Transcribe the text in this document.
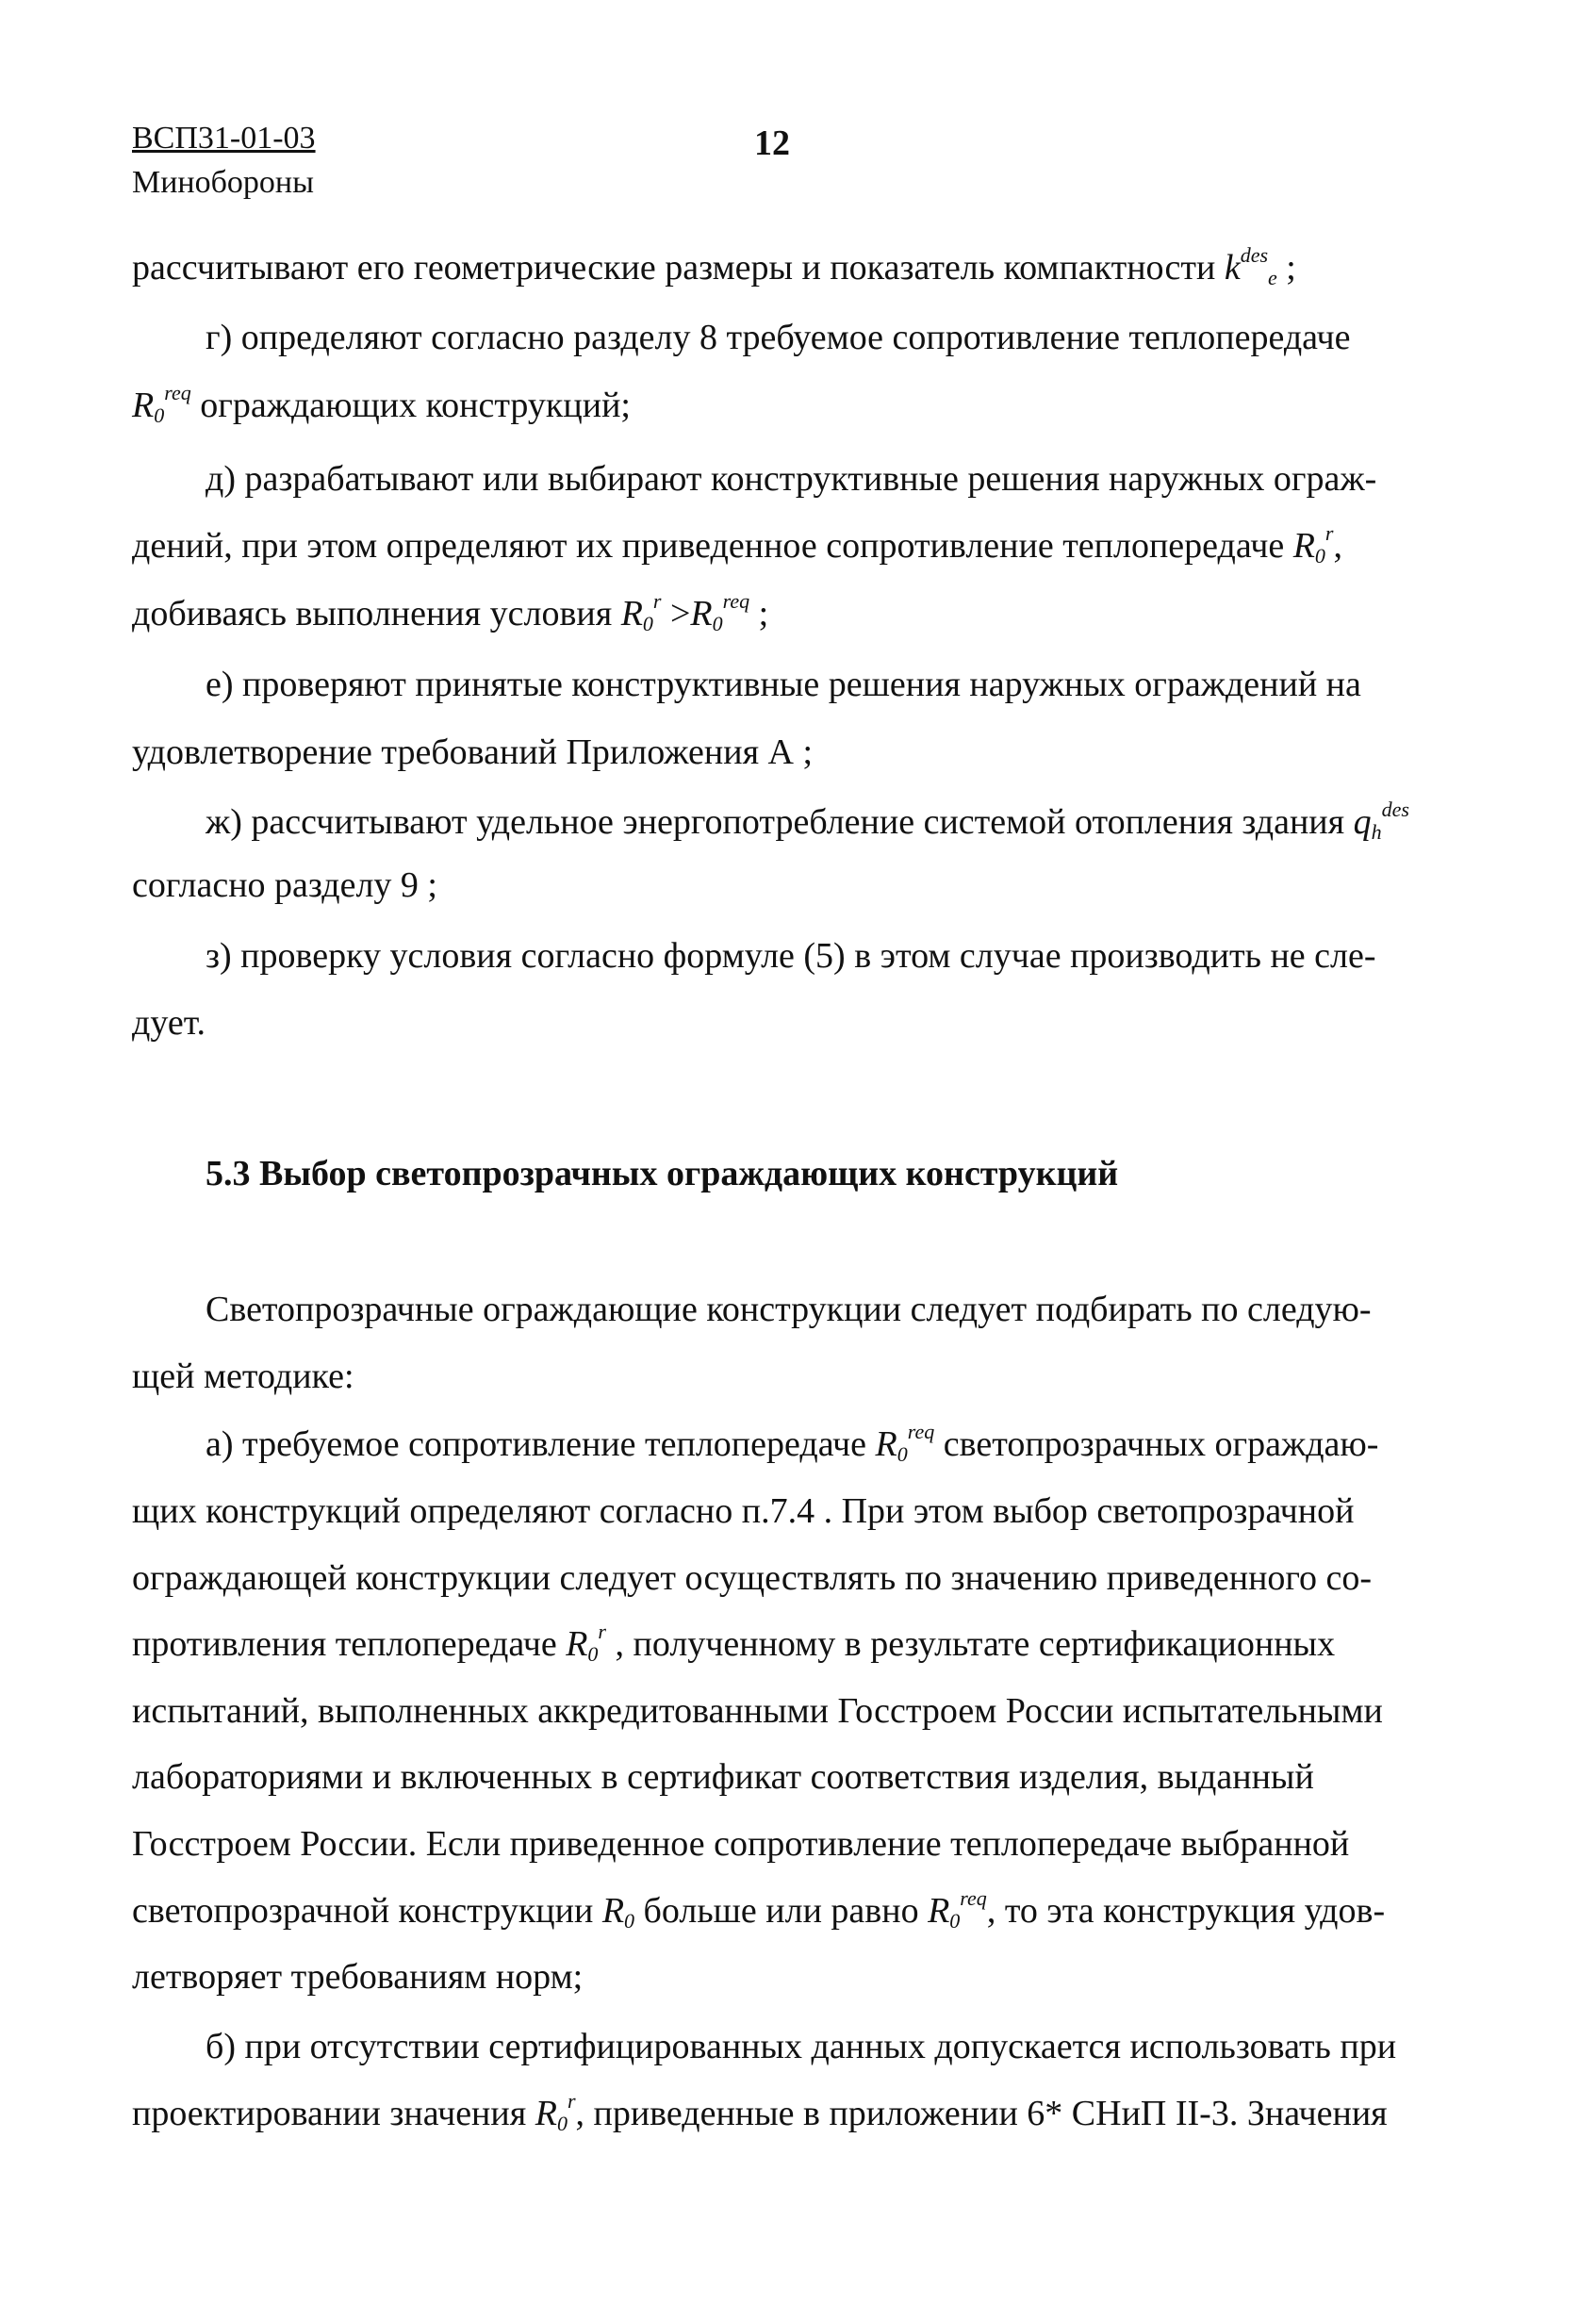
ВСП31-01-03
Минобороны
12
рассчитывают его геометрические размеры и показатель компактности $k^{des}_e$ ;
г) определяют согласно разделу 8 требуемое сопротивление теплопередаче
$R_0^{req}$ ограждающих конструкций;
д) разрабатывают или выбирают конструктивные решения наружных ограж-
дений, при этом определяют их приведенное сопротивление теплопередаче $R_0^r$,
добиваясь выполнения условия $R_0^r >R_0^{req}$ ;
е) проверяют принятые конструктивные решения наружных ограждений на
удовлетворение требований Приложения А ;
ж) рассчитывают удельное энергопотребление системой отопления здания $q_h^{des}$
согласно разделу 9 ;
з) проверку условия согласно формуле (5) в этом случае производить не сле-
дует.
5.3 Выбор светопрозрачных ограждающих конструкций
Светопрозрачные ограждающие конструкции следует подбирать по следую-
щей методике:
а) требуемое сопротивление теплопередаче $R_0^{req}$ светопрозрачных ограждаю-
щих конструкций определяют согласно п.7.4 . При этом выбор светопрозрачной
ограждающей конструкции следует осуществлять по значению приведенного со-
противления теплопередаче $R_0^r$ , полученному в результате сертификационных
испытаний, выполненных аккредитованными Госстроем России испытательными
лабораториями и включенных в сертификат соответствия изделия, выданный
Госстроем России. Если приведенное сопротивление теплопередаче выбранной
светопрозрачной конструкции $R_0$ больше или равно $R_0^{req}$, то эта конструкция удов-
летворяет требованиям норм;
б) при отсутствии сертифицированных данных допускается использовать при
проектировании значения $R_0^r$, приведенные в приложении 6* СНиП II-3. Значения
